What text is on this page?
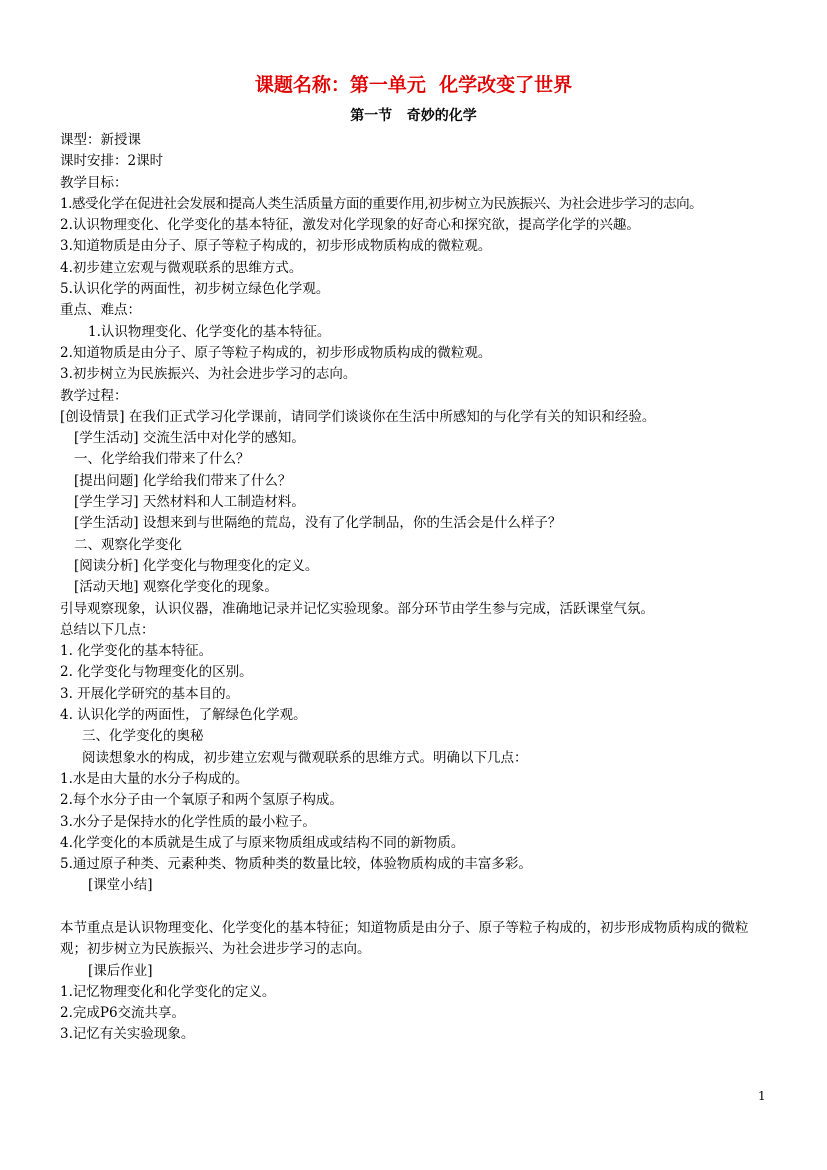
课题名称：第一单元  化学改变了世界
第一节   奇妙的化学
课型：新授课
课时安排：2课时
教学目标：
1.感受化学在促进社会发展和提高人类生活质量方面的重要作用,初步树立为民族振兴、为社会进步学习的志向。
2.认识物理变化、化学变化的基本特征，激发对化学现象的好奇心和探究欲，提高学化学的兴趣。
3.知道物质是由分子、原子等粒子构成的，初步形成物质构成的微粒观。
4.初步建立宏观与微观联系的思维方式。
5.认识化学的两面性，初步树立绿色化学观。
重点、难点：
1.认识物理变化、化学变化的基本特征。
2.知道物质是由分子、原子等粒子构成的，初步形成物质构成的微粒观。
3.初步树立为民族振兴、为社会进步学习的志向。
教学过程：
[创设情景] 在我们正式学习化学课前，请同学们谈谈你在生活中所感知的与化学有关的知识和经验。
[学生活动] 交流生活中对化学的感知。
一、化学给我们带来了什么？
[提出问题] 化学给我们带来了什么？
[学生学习] 天然材料和人工制造材料。
[学生活动] 设想来到与世隔绝的荒岛，没有了化学制品，你的生活会是什么样子？
二、观察化学变化
[阅读分析] 化学变化与物理变化的定义。
[活动天地] 观察化学变化的现象。
引导观察现象，认识仪器，准确地记录并记忆实验现象。部分环节由学生参与完成，活跃课堂气氛。
总结以下几点：
1. 化学变化的基本特征。
2. 化学变化与物理变化的区别。
3. 开展化学研究的基本目的。
4. 认识化学的两面性，了解绿色化学观。
三、化学变化的奥秘
阅读想象水的构成，初步建立宏观与微观联系的思维方式。明确以下几点：
1.水是由大量的水分子构成的。
2.每个水分子由一个氧原子和两个氢原子构成。
3.水分子是保持水的化学性质的最小粒子。
4.化学变化的本质就是生成了与原来物质组成或结构不同的新物质。
5.通过原子种类、元素种类、物质种类的数量比较，体验物质构成的丰富多彩。
[课堂小结]
本节重点是认识物理变化、化学变化的基本特征；知道物质是由分子、原子等粒子构成的，初步形成物质构成的微粒观；初步树立为民族振兴、为社会进步学习的志向。
[课后作业]
1.记忆物理变化和化学变化的定义。
2.完成P6交流共享。
3.记忆有关实验现象。
1
